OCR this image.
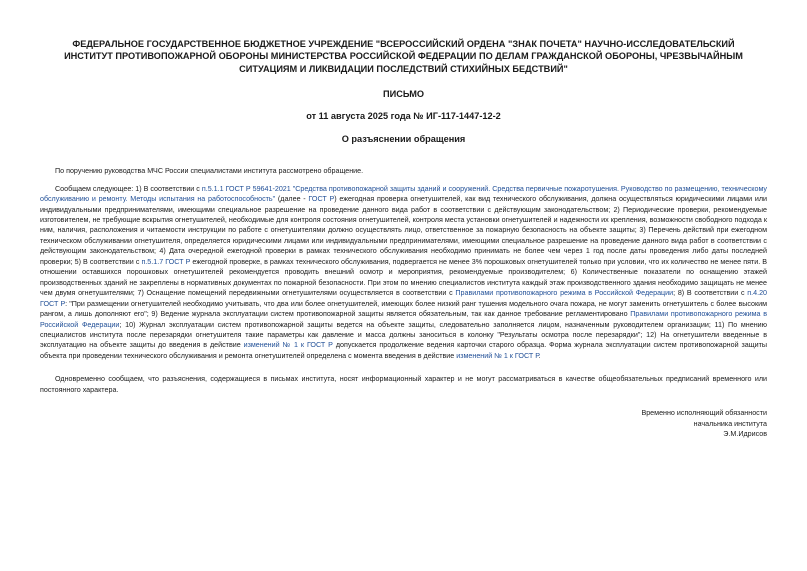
ФЕДЕРАЛЬНОЕ ГОСУДАРСТВЕННОЕ БЮДЖЕТНОЕ УЧРЕЖДЕНИЕ "ВСЕРОССИЙСКИЙ ОРДЕНА "ЗНАК ПОЧЕТА" НАУЧНО-ИССЛЕДОВАТЕЛЬСКИЙ ИНСТИТУТ ПРОТИВОПОЖАРНОЙ ОБОРОНЫ МИНИСТЕРСТВА РОССИЙСКОЙ ФЕДЕРАЦИИ ПО ДЕЛАМ ГРАЖДАНСКОЙ ОБОРОНЫ, ЧРЕЗВЫЧАЙНЫМ СИТУАЦИЯМ И ЛИКВИДАЦИИ ПОСЛЕДСТВИЙ СТИХИЙНЫХ БЕДСТВИЙ"
ПИСЬМО
от 11 августа 2025 года № ИГ-117-1447-12-2
О разъяснении обращения

По поручению руководства МЧС России специалистами института рассмотрено обращение.

Сообщаем следующее: 1) В соответствии с п.5.1.1 ГОСТ Р 59641-2021 "Средства противопожарной защиты зданий и сооружений. Средства первичные пожаротушения. Руководство по размещению, техническому обслуживанию и ремонту. Методы испытания на работоспособность" (далее - ГОСТ Р) ежегодная проверка огнетушителей, как вид технического обслуживания, должна осуществляться юридическими лицами или индивидуальными предпринимателями, имеющими специальное разрешение на проведение данного вида работ в соответствии с действующим законодательством; 2) Периодические проверки, рекомендуемые изготовителем, не требующие вскрытия огнетушителей, необходимые для контроля состояния огнетушителей, контроля места установки огнетушителей и надежности их крепления, возможности свободного подхода к ним, наличия, расположения и читаемости инструкции по работе с огнетушителями должно осуществлять лицо, ответственное за пожарную безопасность на объекте защиты; 3) Перечень действий при ежегодном техническом обслуживании огнетушителя, определяется юридическими лицами или индивидуальными предпринимателями, имеющими специальное разрешение на проведение данного вида работ в соответствии с действующим законодательством; 4) Дата очередной ежегодной проверки в рамках технического обслуживания необходимо принимать не более чем через 1 год после даты проведения либо даты последней проверки; 5) В соответствии с п.5.1.7 ГОСТ Р ежегодной проверке, в рамках технического обслуживания, подвергается не менее 3% порошковых огнетушителей только при условии, что их количество не менее пяти. В отношении оставшихся порошковых огнетушителей рекомендуется проводить внешний осмотр и мероприятия, рекомендуемые производителем; 6) Количественные показатели по оснащению этажей производственных зданий не закреплены в нормативных документах по пожарной безопасности. При этом по мнению специалистов института каждый этаж производственного здания необходимо защищать не менее чем двумя огнетушителями; 7) Оснащение помещений передвижными огнетушителями осуществляется в соответствии с Правилами противопожарного режима в Российской Федерации; 8) В соответствии с п.4.20 ГОСТ Р: "При размещении огнетушителей необходимо учитывать, что два или более огнетушителей, имеющих более низкий ранг тушения модельного очага пожара, не могут заменить огнетушитель с более высоким рангом, а лишь дополняют его"; 9) Ведение журнала эксплуатации систем противопожарной защиты является обязательным, так как данное требование регламентировано Правилами противопожарного режима в Российской Федерации; 10) Журнал эксплуатации систем противопожарной защиты ведется на объекте защиты, следовательно заполняется лицом, назначенным руководителем организации; 11) По мнению специалистов института после перезарядки огнетушителя такие параметры как давление и масса должны заноситься в колонку "Результаты осмотра после перезарядки"; 12) На огнетушители введенные в эксплуатацию на объекте защиты до введения в действие изменений № 1 к ГОСТ Р допускается продолжение ведения карточки старого образца. Форма журнала эксплуатации систем противопожарной защиты объекта при проведении технического обслуживания и ремонта огнетушителей определена с момента введения в действие изменений № 1 к ГОСТ Р.

Одновременно сообщаем, что разъяснения, содержащиеся в письмах института, носят информационный характер и не могут рассматриваться в качестве общеобязательных предписаний временного или постоянного характера.

Временно исполняющий обязанности
начальника института
Э.М.Идрисов
